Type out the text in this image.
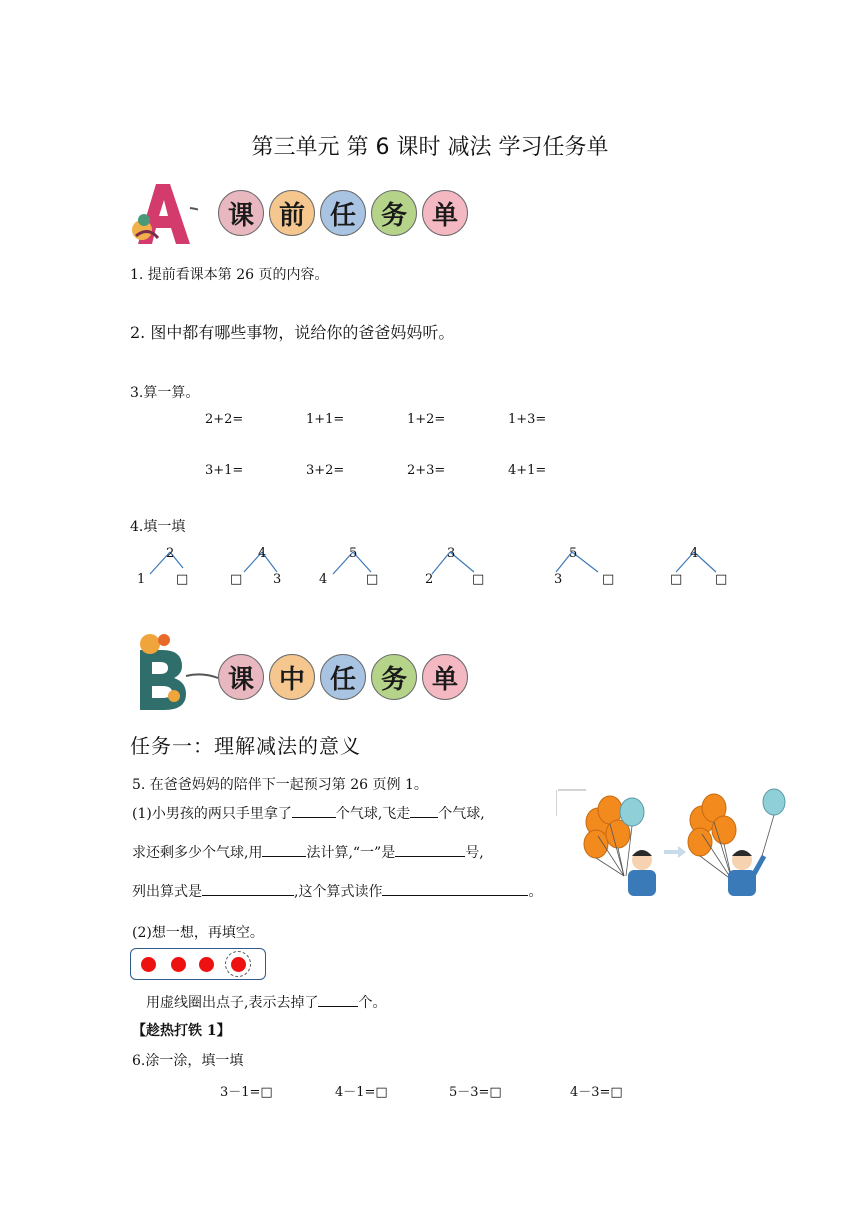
第三单元 第 6 课时 减法 学习任务单
课 前 任 务 单
1. 提前看课本第 26 页的内容。
2. 图中都有哪些事物，说给你的爸爸妈妈听。
3.算一算。
2+2=	1+1=	1+2=	1+3=
3+1=	3+2=	2+3=	4+1=
4.填一填
2
1 □
4
□ 3
5
4	□
3
2	□
5
3	□
4
□	□
课 中 任 务 单
任务一：理解减法的意义
5. 在爸爸妈妈的陪伴下一起预习第 26 页例 1。
(1)小男孩的两只手里拿了	个气球,飞走 个气球,
求还剩多少个气球,用	法计算,“一”是	号,
列出算式是	,这个算式读作	。
(2)想一想，再填空。
用虚线圈出点子,表示去掉了	个。
【趁热打铁 1】
6.涂一涂，填一填
3－1=□	4－1=□	5－3=□	4－3=□
